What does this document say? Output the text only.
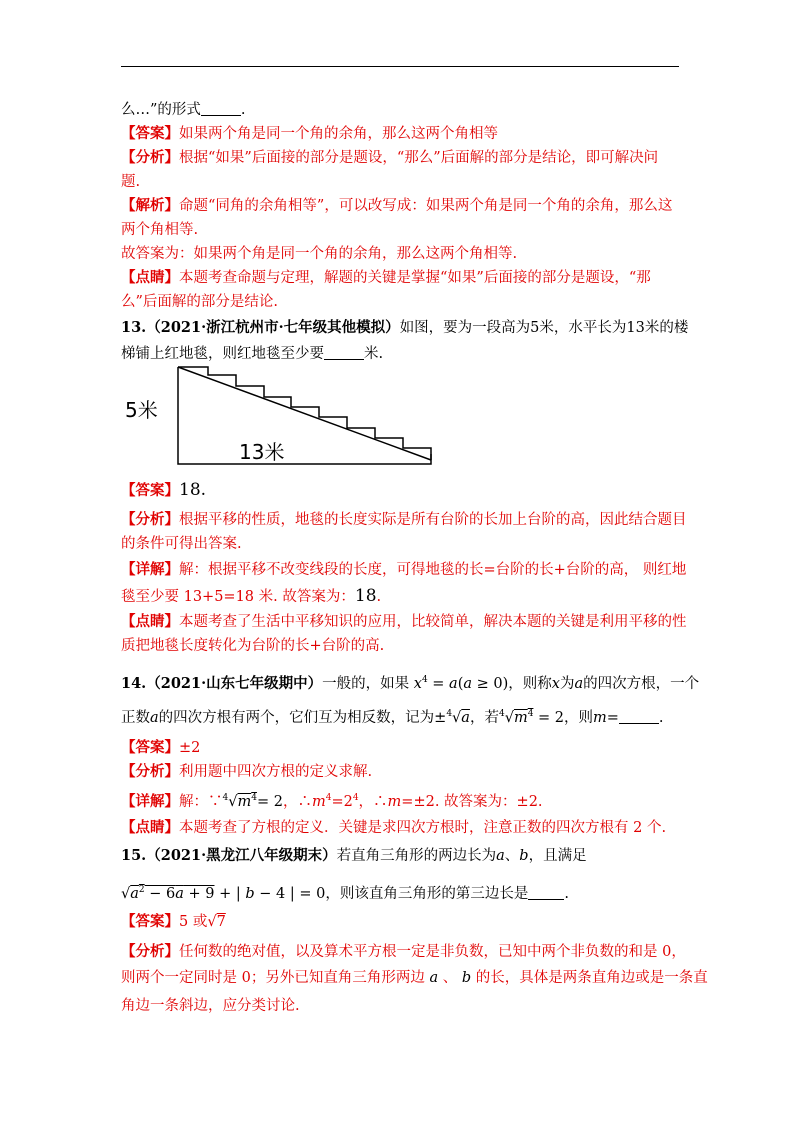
么…”的形式	.
【答案】如果两个角是同一个角的余角，那么这两个角相等
【分析】根据“如果”后面接的部分是题设，“那么”后面解的部分是结论，即可解决问
题.
【解析】命题“同角的余角相等”，可以改写成：如果两个角是同一个角的余角，那么这
两个角相等.
故答案为：如果两个角是同一个角的余角，那么这两个角相等.
【点睛】本题考查命题与定理，解题的关键是掌握“如果”后面接的部分是题设，“那
么”后面解的部分是结论.
13.（2021·浙江杭州市·七年级其他模拟）如图，要为一段高为5米，水平长为13米的楼
梯铺上红地毯，则红地毯至少要	米.
5米
13米
【答案】18.
【分析】根据平移的性质，地毯的长度实际是所有台阶的长加上台阶的高，因此结合题目
的条件可得出答案.
【详解】解：根据平移不改变线段的长度，可得地毯的长=台阶的长+台阶的高， 则红地
毯至少要 13+5=18 米. 故答案为：18.
【点睛】本题考查了生活中平移知识的应用，比较简单，解决本题的关键是利用平移的性
质把地毯长度转化为台阶的长+台阶的高.
14.（2021·山东七年级期中）一般的，如果 $x^4 = a(a \ge 0)$，则称x为a的四次方根，一个
正数a的四次方根有两个，它们互为相反数，记为±$^4$√a，若$^4√m^4 = 2$，则m=	.
【答案】±2
【分析】利用题中四次方根的定义求解.
【详解】解：$\because^4√m^4= 2$，$\therefore m^4=2^4$，∴m=±2. 故答案为：±2.
【点睛】本题考查了方根的定义．关键是求四次方根时，注意正数的四次方根有 2 个.
15.（2021·黑龙江八年级期末）若直角三角形的两边长为a、b，且满足
$√a^2 - 6a + 9$ + | b − 4 | = 0，则该直角三角形的第三边长是 .
【答案】5 或√7
【分析】任何数的绝对值，以及算术平方根一定是非负数，已知中两个非负数的和是 0，
则两个一定同时是 0；另外已知直角三角形两边 a 、 b 的长，具体是两条直角边或是一条直
角边一条斜边，应分类讨论.
